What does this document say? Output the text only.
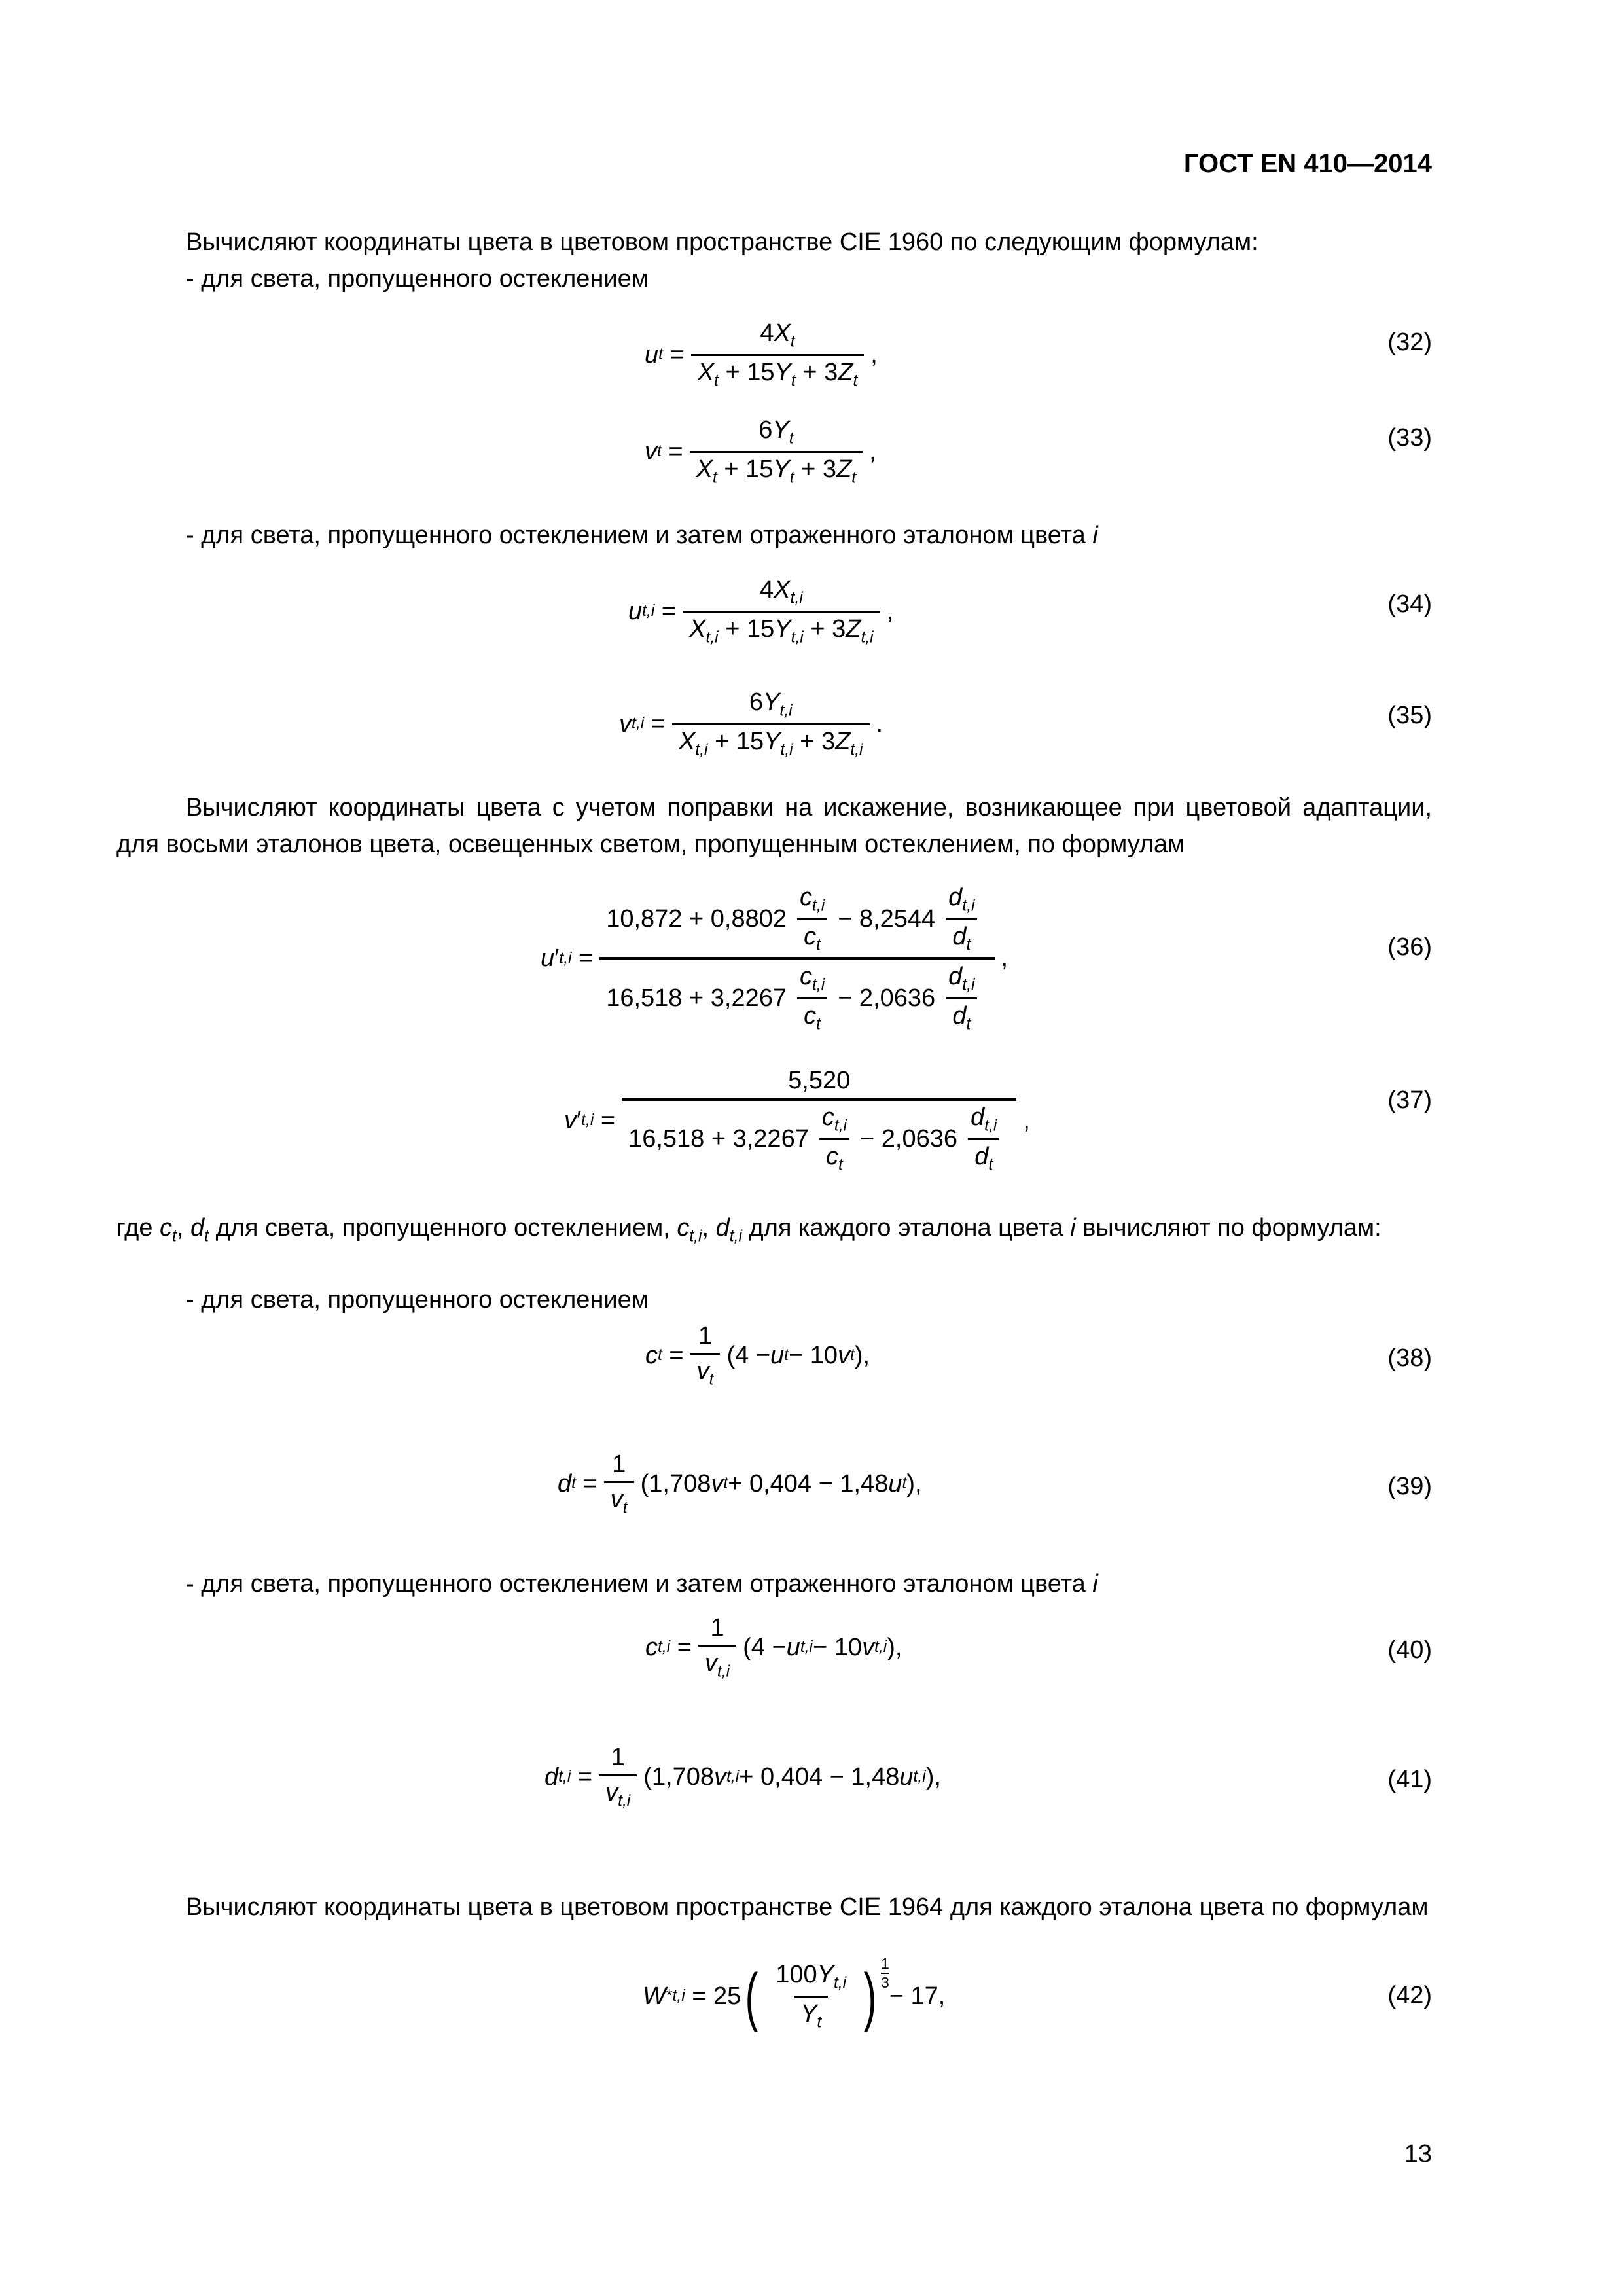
ГОСТ EN 410—2014
Вычисляют координаты цвета в цветовом пространстве CIE 1960 по следующим формулам:
- для света, пропущенного остеклением
u $t = \frac{4X_t}{X_t + 15Y_t + 3Z_t}$ ,	(32)
v $t = \frac{6Y_t}{X_t + 15Y_t + 3Z_t}$ ,	(33)
- для света, пропущенного остеклением и затем отраженного эталоном цвета i
u $t,i = \frac{4X_{t,i}}{X_{t,i} + 15Y_{t,i} + 3Z_{t,i}}$ ,	(34)
v $t,i = \frac{6Y_{t,i}}{X_{t,i} + 15Y_{t,i} + 3Z_{t,i}}$ .	(35)
Вычисляют координаты цвета с учетом поправки на искажение, возникающее при цветовой адаптации, для восьми эталонов цвета, освещенных светом, пропущенным остеклением, по формулам
u ′ t,i =
$10,872 + 0,8802 \frac{c_{t,i}}{c_t} - 8,2544 \frac{d_{t,i}}{d_t}$
$16,518 + 3,2267 \frac{c_{t,i}}{c_t} - 2,0636 \frac{d_{t,i}}{d_t}$
,	(36)
v ′ t,i =
5,520
$16,518 + 3,2267 \frac{c_{t,i}}{c_t} - 2,0636 \frac{d_{t,i}}{d_t}$ ,
(37)
где $c_t$, $d_t$ для света, пропущенного остеклением, $c_{t,i}$, $d_{t,i}$ для каждого эталона цвета i вычисляют по формулам:
- для света, пропущенного остеклением
c $t = \frac{1}{v_t} (4 - u$ t − 10 v t ),	(38)
d $t = \frac{1}{v_t} (1,708$ v t + 0,404 − 1,48 u t ),	(39)
- для света, пропущенного остеклением и затем отраженного эталоном цвета i
c $t,i = \frac{1}{v_{t,i}} (4 - u$ t,i − 10 v t,i ),	(40)
d $t,i = \frac{1}{v_{t,i}} (1,708$ v t,i + 0,404 − 1,48 u t,i ),	(41)
Вычисляют координаты цвета в цветовом пространстве CIE 1964 для каждого эталона цвета по формулам
W * t,i = 25 ( $\frac{100Y_{t,i}}{Y_t}$ ) 1
3 − 17,	(42)
13
